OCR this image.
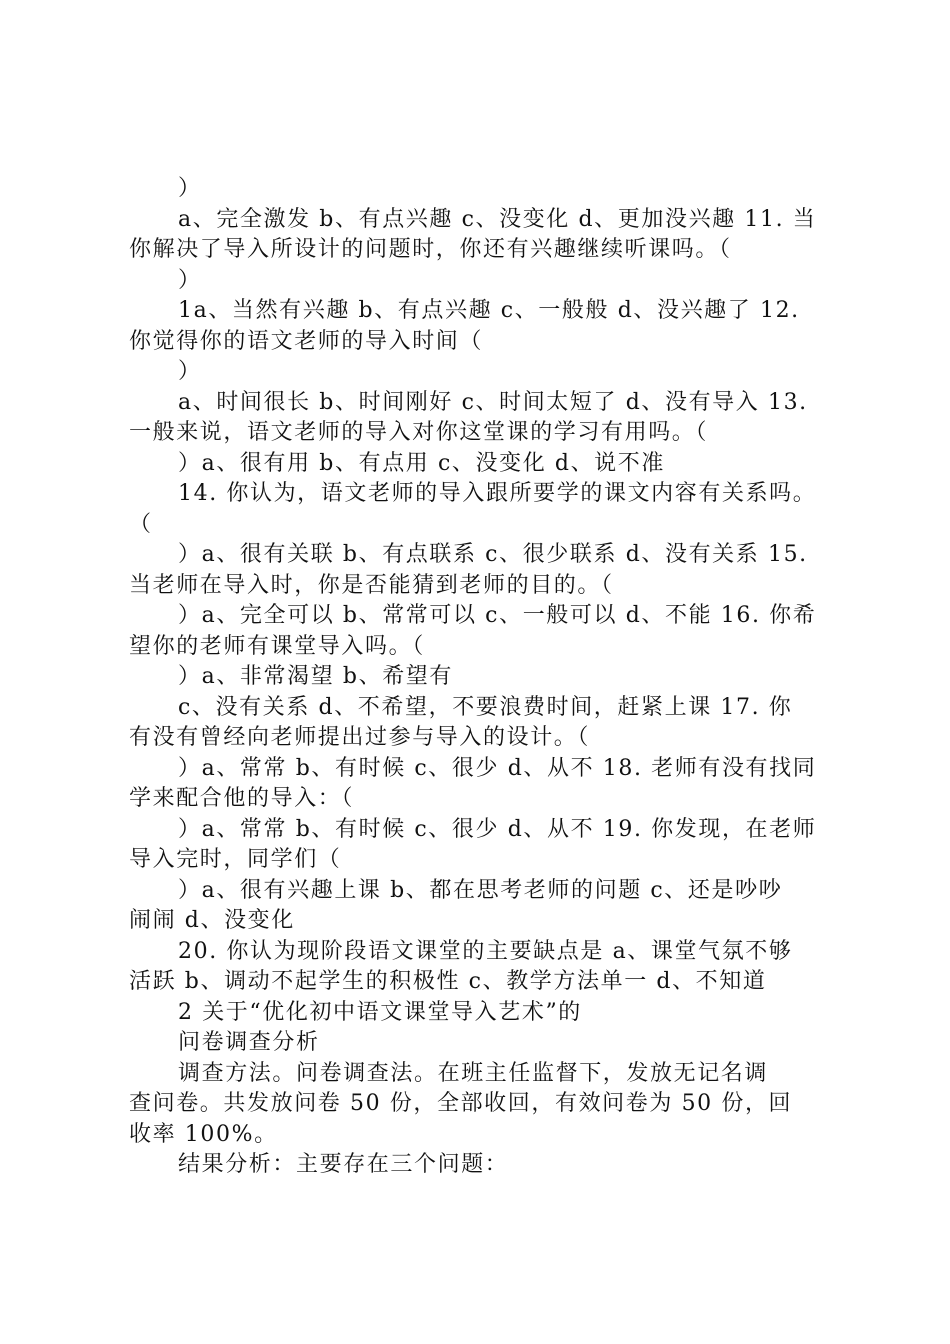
）
a、完全激发 b、有点兴趣 c、没变化 d、更加没兴趣 11. 当
你解决了导入所设计的问题时，你还有兴趣继续听课吗。（
）
1a、当然有兴趣 b、有点兴趣 c、一般般 d、没兴趣了 12.
你觉得你的语文老师的导入时间（
）
a、时间很长 b、时间刚好 c、时间太短了 d、没有导入 13.
一般来说，语文老师的导入对你这堂课的学习有用吗。（
）a、很有用 b、有点用 c、没变化 d、说不准
14. 你认为，语文老师的导入跟所要学的课文内容有关系吗。
（
）a、很有关联 b、有点联系 c、很少联系 d、没有关系 15.
当老师在导入时，你是否能猜到老师的目的。（
）a、完全可以 b、常常可以 c、一般可以 d、不能 16. 你希
望你的老师有课堂导入吗。（
）a、非常渴望 b、希望有
c、没有关系 d、不希望，不要浪费时间，赶紧上课 17. 你
有没有曾经向老师提出过参与导入的设计。（
）a、常常 b、有时候 c、很少 d、从不 18. 老师有没有找同
学来配合他的导入：（
）a、常常 b、有时候 c、很少 d、从不 19. 你发现，在老师
导入完时，同学们（
）a、很有兴趣上课 b、都在思考老师的问题 c、还是吵吵
闹闹 d、没变化
20. 你认为现阶段语文课堂的主要缺点是 a、课堂气氛不够
活跃 b、调动不起学生的积极性 c、教学方法单一 d、不知道
2 关于“优化初中语文课堂导入艺术”的
问卷调查分析
调查方法。问卷调查法。在班主任监督下，发放无记名调
查问卷。共发放问卷 50 份，全部收回，有效问卷为 50 份，回
收率 100%。
结果分析：主要存在三个问题：
